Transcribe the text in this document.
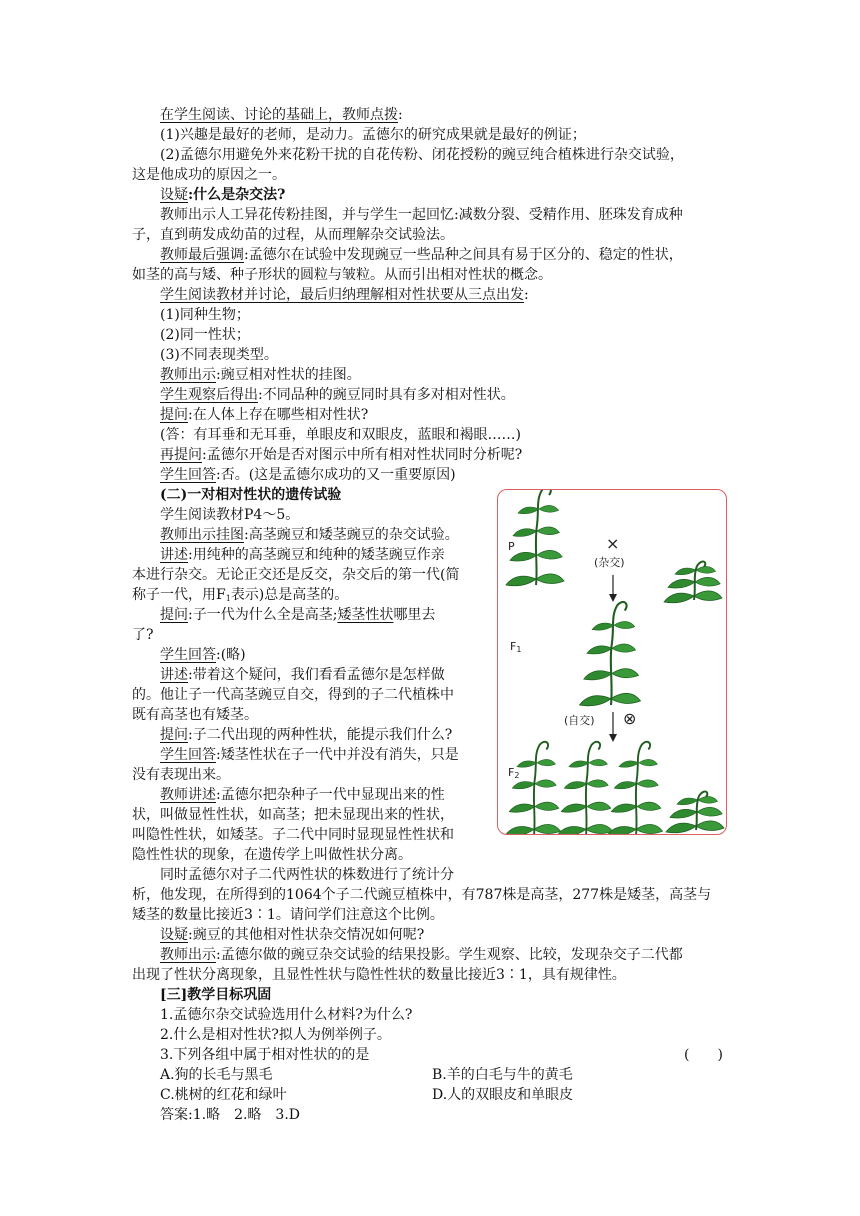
在学生阅读、讨论的基础上，教师点拨:
(1)兴趣是最好的老师，是动力。孟德尔的研究成果就是最好的例证；
(2)孟德尔用避免外来花粉干扰的自花传粉、闭花授粉的豌豆纯合植株进行杂交试验，
这是他成功的原因之一。
设疑:什么是杂交法?
教师出示人工异花传粉挂图，并与学生一起回忆:减数分裂、受精作用、胚珠发育成种
子，直到萌发成幼苗的过程，从而理解杂交试验法。
教师最后强调:孟德尔在试验中发现豌豆一些品种之间具有易于区分的、稳定的性状，
如茎的高与矮、种子形状的圆粒与皱粒。从而引出相对性状的概念。
学生阅读教材并讨论，最后归纳理解相对性状要从三点出发:
(1)同种生物；
(2)同一性状；
(3)不同表现类型。
教师出示:豌豆相对性状的挂图。
学生观察后得出:不同品种的豌豆同时具有多对相对性状。
提问:在人体上存在哪些相对性状?
(答：有耳垂和无耳垂，单眼皮和双眼皮，蓝眼和褐眼……)
再提问:孟德尔开始是否对图示中所有相对性状同时分析呢?
学生回答:否。(这是孟德尔成功的又一重要原因)
(二)一对相对性状的遗传试验
学生阅读教材P4～5。
教师出示挂图:高茎豌豆和矮茎豌豆的杂交试验。
讲述:用纯种的高茎豌豆和纯种的矮茎豌豆作亲
本进行杂交。无论正交还是反交，杂交后的第一代(简
称子一代，用$F_1$表示)总是高茎的。
提问:子一代为什么全是高茎;矮茎性状哪里去
了?
学生回答:(略)
讲述:带着这个疑问，我们看看孟德尔是怎样做
的。他让子一代高茎豌豆自交，得到的子二代植株中
既有高茎也有矮茎。
提问:子二代出现的两种性状，能提示我们什么?
学生回答:矮茎性状在子一代中并没有消失，只是
没有表现出来。
教师讲述:孟德尔把杂种子一代中显现出来的性
状，叫做显性性状，如高茎；把未显现出来的性状，
叫隐性性状，如矮茎。子二代中同时显现显性性状和
隐性性状的现象，在遗传学上叫做性状分离。
同时孟德尔对子二代两性状的株数进行了统计分
析，他发现，在所得到的1064个子二代豌豆植株中，有787株是高茎，277株是矮茎，高茎与
矮茎的数量比接近3∶1。请问学们注意这个比例。
设疑:豌豆的其他相对性状杂交情况如何呢?
教师出示:孟德尔做的豌豆杂交试验的结果投影。学生观察、比较，发现杂交子二代都
出现了性状分离现象，且显性性状与隐性性状的数量比接近3∶1，具有规律性。
[三]教学目标巩固
1.孟德尔杂交试验选用什么材料?为什么?
2.什么是相对性状?拟人为例举例子。
3.下列各组中属于相对性状的的是	(　　)
A.狗的长毛与黑毛	B.羊的白毛与牛的黄毛
C.桃树的红花和绿叶	D.人的双眼皮和单眼皮
答案:1.略　2.略　3.D
P	×
(杂交)
$F_1$
(自交) ⊗
$F_2$
